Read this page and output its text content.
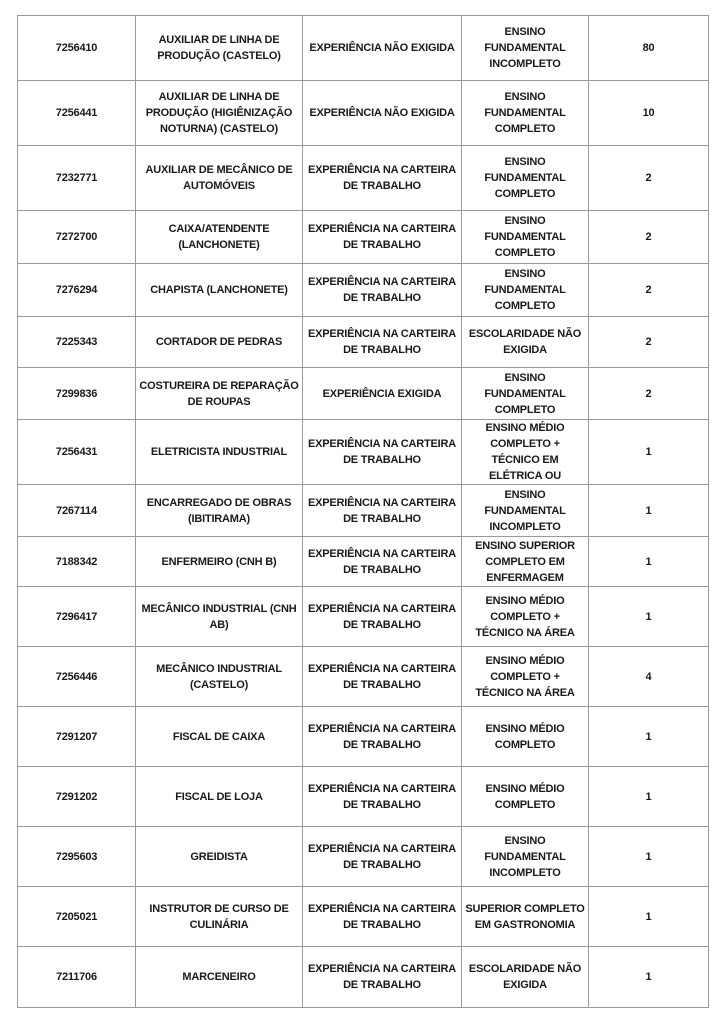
7256410	AUXILIAR DE LINHA DE PRODUÇÃO (CASTELO)	EXPERIÊNCIA NÃO EXIGIDA	ENSINO FUNDAMENTAL INCOMPLETO	80
7256441	AUXILIAR DE LINHA DE PRODUÇÃO (HIGIÊNIZAÇÃO NOTURNA) (CASTELO)	EXPERIÊNCIA NÃO EXIGIDA	ENSINO FUNDAMENTAL COMPLETO	10
7232771	AUXILIAR DE MECÂNICO DE AUTOMÓVEIS	EXPERIÊNCIA NA CARTEIRA DE TRABALHO	ENSINO FUNDAMENTAL COMPLETO	2
7272700	CAIXA/ATENDENTE (LANCHONETE)	EXPERIÊNCIA NA CARTEIRA DE TRABALHO	ENSINO FUNDAMENTAL COMPLETO	2
7276294	CHAPISTA (LANCHONETE)	EXPERIÊNCIA NA CARTEIRA DE TRABALHO	ENSINO FUNDAMENTAL COMPLETO	2
7225343	CORTADOR DE PEDRAS	EXPERIÊNCIA NA CARTEIRA DE TRABALHO	ESCOLARIDADE NÃO EXIGIDA	2
7299836	COSTUREIRA DE REPARAÇÃO DE ROUPAS	EXPERIÊNCIA EXIGIDA	ENSINO FUNDAMENTAL COMPLETO	2
7256431	ELETRICISTA INDUSTRIAL	EXPERIÊNCIA NA CARTEIRA DE TRABALHO	ENSINO MÉDIO COMPLETO + TÉCNICO EM ELÉTRICA OU	1
7267114	ENCARREGADO DE OBRAS (IBITIRAMA)	EXPERIÊNCIA NA CARTEIRA DE TRABALHO	ENSINO FUNDAMENTAL INCOMPLETO	1
7188342	ENFERMEIRO (CNH B)	EXPERIÊNCIA NA CARTEIRA DE TRABALHO	ENSINO SUPERIOR COMPLETO EM ENFERMAGEM	1
7296417	MECÂNICO INDUSTRIAL (CNH AB)	EXPERIÊNCIA NA CARTEIRA DE TRABALHO	ENSINO MÉDIO COMPLETO + TÉCNICO NA ÁREA	1
7256446	MECÂNICO INDUSTRIAL (CASTELO)	EXPERIÊNCIA NA CARTEIRA DE TRABALHO	ENSINO MÉDIO COMPLETO + TÉCNICO NA ÁREA	4
7291207	FISCAL DE CAIXA	EXPERIÊNCIA NA CARTEIRA DE TRABALHO	ENSINO MÉDIO COMPLETO	1
7291202	FISCAL DE LOJA	EXPERIÊNCIA NA CARTEIRA DE TRABALHO	ENSINO MÉDIO COMPLETO	1
7295603	GREIDISTA	EXPERIÊNCIA NA CARTEIRA DE TRABALHO	ENSINO FUNDAMENTAL INCOMPLETO	1
7205021	INSTRUTOR DE CURSO DE CULINÁRIA	EXPERIÊNCIA NA CARTEIRA DE TRABALHO	SUPERIOR COMPLETO EM GASTRONOMIA	1
7211706	MARCENEIRO	EXPERIÊNCIA NA CARTEIRA DE TRABALHO	ESCOLARIDADE NÃO EXIGIDA	1
